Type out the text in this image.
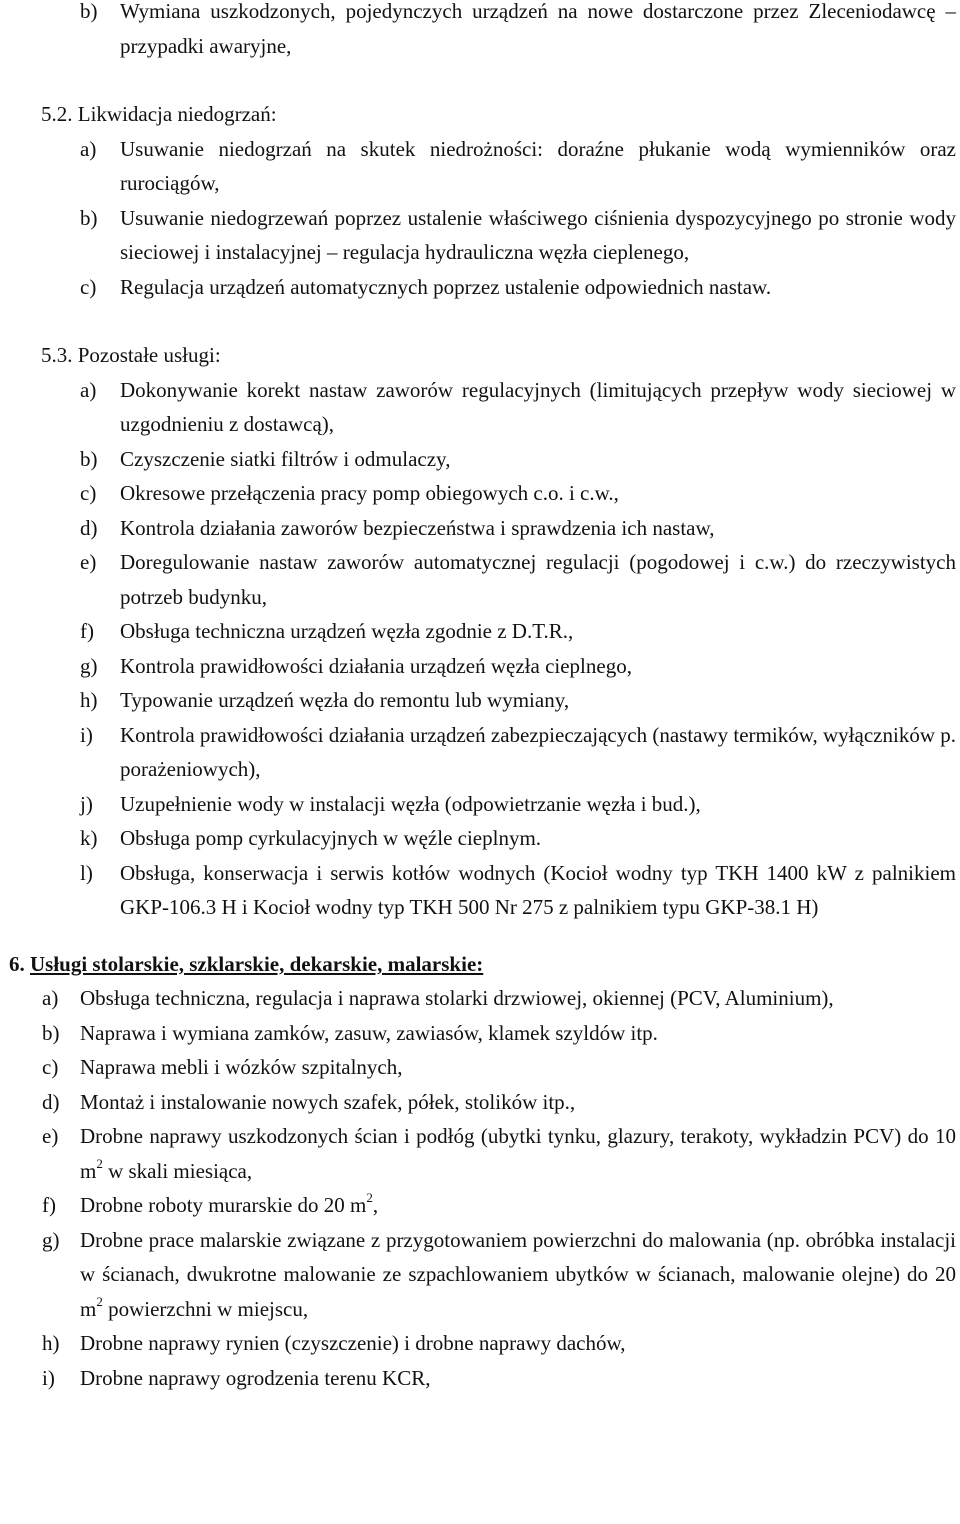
b) Wymiana uszkodzonych, pojedynczych urządzeń na nowe dostarczone przez Zleceniodawcę – przypadki awaryjne,
5.2. Likwidacja niedogrzań:
a) Usuwanie niedogrzań na skutek niedrożności: doraźne płukanie wodą wymienników oraz rurociągów,
b) Usuwanie niedogrzewań poprzez ustalenie właściwego ciśnienia dyspozycyjnego po stronie wody sieciowej i instalacyjnej – regulacja hydrauliczna węzła cieplenego,
c) Regulacja urządzeń automatycznych poprzez ustalenie odpowiednich nastaw.
5.3. Pozostałe usługi:
a) Dokonywanie korekt nastaw zaworów regulacyjnych (limitujących przepływ wody sieciowej w uzgodnieniu z dostawcą),
b) Czyszczenie siatki filtrów i odmulaczy,
c) Okresowe przełączenia pracy pomp obiegowych c.o. i c.w.,
d) Kontrola działania zaworów bezpieczeństwa i sprawdzenia ich nastaw,
e) Doregulowanie nastaw zaworów automatycznej regulacji (pogodowej i c.w.) do rzeczywistych potrzeb budynku,
f) Obsługa techniczna urządzeń węzła zgodnie z D.T.R.,
g) Kontrola prawidłowości działania urządzeń węzła cieplnego,
h) Typowanie urządzeń węzła do remontu lub wymiany,
i) Kontrola prawidłowości działania urządzeń zabezpieczających (nastawy termików, wyłączników p. porażeniowych),
j) Uzupełnienie wody w instalacji węzła (odpowietrzanie węzła i bud.),
k) Obsługa pomp cyrkulacyjnych w węźle cieplnym.
l) Obsługa, konserwacja i serwis kotłów wodnych (Kocioł wodny typ TKH 1400 kW z palnikiem GKP-106.3 H i Kocioł wodny typ TKH 500 Nr 275 z palnikiem typu GKP-38.1 H)
6. Usługi stolarskie, szklarskie, dekarskie, malarskie:
a) Obsługa techniczna, regulacja i naprawa stolarki drzwiowej, okiennej (PCV, Aluminium),
b) Naprawa i wymiana zamków, zasuw, zawiasów, klamek szyldów itp.
c) Naprawa mebli i wózków szpitalnych,
d) Montaż i instalowanie nowych szafek, półek, stolików itp.,
e) Drobne naprawy uszkodzonych ścian i podłóg (ubytki tynku, glazury, terakoty, wykładzin PCV) do 10 $m^2$ w skali miesiąca,
f) Drobne roboty murarskie do 20 $m^2$,
g) Drobne prace malarskie związane z przygotowaniem powierzchni do malowania (np. obróbka instalacji w ścianach, dwukrotne malowanie ze szpachlowaniem ubytków w ścianach, malowanie olejne) do 20 $m^2$ powierzchni w miejscu,
h) Drobne naprawy rynien (czyszczenie) i drobne naprawy dachów,
i) Drobne naprawy ogrodzenia terenu KCR,
